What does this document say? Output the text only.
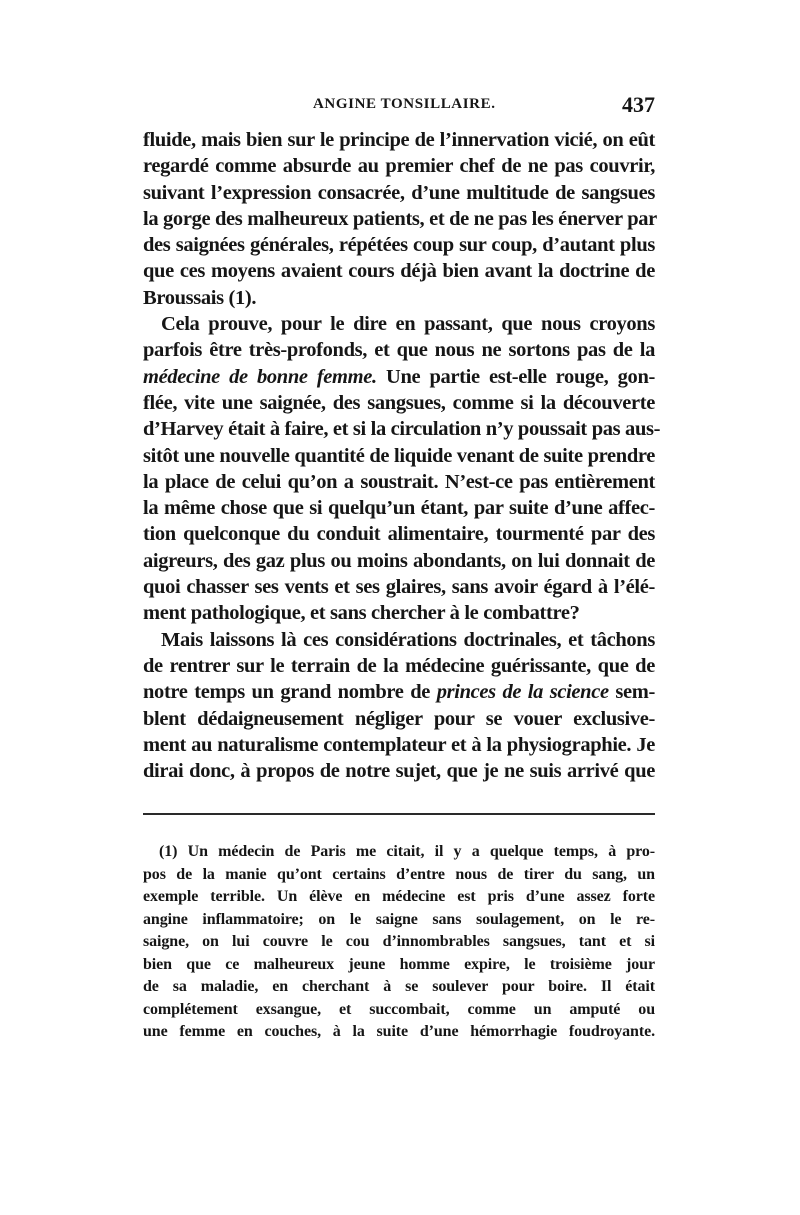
ANGINE TONSILLAIRE.	437
fluide, mais bien sur le principe de l’innervation vicié, on eût
regardé comme absurde au premier chef de ne pas couvrir,
suivant l’expression consacrée, d’une multitude de sangsues
la gorge des malheureux patients, et de ne pas les énerver par
des saignées générales, répétées coup sur coup, d’autant plus
que ces moyens avaient cours déjà bien avant la doctrine de
Broussais (1).
Cela prouve, pour le dire en passant, que nous croyons
parfois être très-profonds, et que nous ne sortons pas de la
médecine de bonne femme. Une partie est-elle rouge, gon-
flée, vite une saignée, des sangsues, comme si la découverte
d’Harvey était à faire, et si la circulation n’y poussait pas aus-
sitôt une nouvelle quantité de liquide venant de suite prendre
la place de celui qu’on a soustrait. N’est-ce pas entièrement
la même chose que si quelqu’un étant, par suite d’une affec-
tion quelconque du conduit alimentaire, tourmenté par des
aigreurs, des gaz plus ou moins abondants, on lui donnait de
quoi chasser ses vents et ses glaires, sans avoir égard à l’élé-
ment pathologique, et sans chercher à le combattre?
Mais laissons là ces considérations doctrinales, et tâchons
de rentrer sur le terrain de la médecine guérissante, que de
notre temps un grand nombre de princes de la science sem-
blent dédaigneusement négliger pour se vouer exclusive-
ment au naturalisme contemplateur et à la physiographie. Je
dirai donc, à propos de notre sujet, que je ne suis arrivé que
(1) Un médecin de Paris me citait, il y a quelque temps, à pro-
pos de la manie qu’ont certains d’entre nous de tirer du sang, un
exemple terrible. Un élève en médecine est pris d’une assez forte
angine inflammatoire; on le saigne sans soulagement, on le re-
saigne, on lui couvre le cou d’innombrables sangsues, tant et si
bien que ce malheureux jeune homme expire, le troisième jour
de sa maladie, en cherchant à se soulever pour boire. Il était
complétement exsangue, et succombait, comme un amputé ou
une femme en couches, à la suite d’une hémorrhagie foudroyante.
